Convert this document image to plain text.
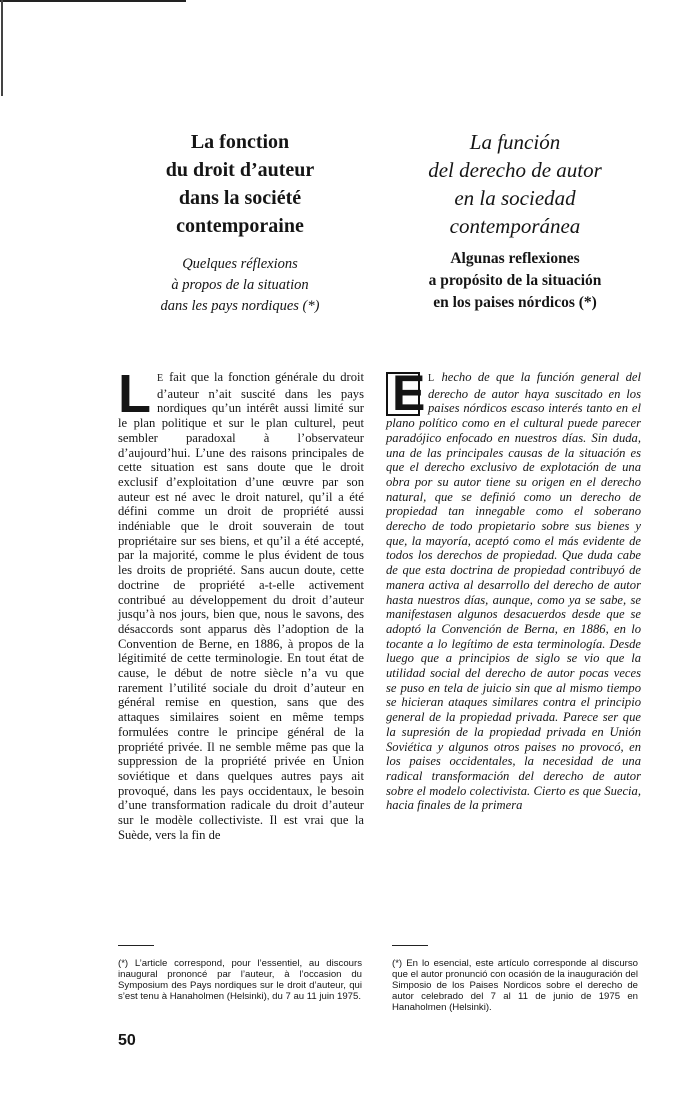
La fonction
du droit d’auteur
dans la société
contemporaine

Quelques réflexions
à propos de la situation
dans les pays nordiques (*)

La función
del derecho de autor
en la sociedad
contemporánea

Algunas reflexiones
a propósito de la situación
en los paises nórdicos (*)

L E fait que la fonction générale du droit d’auteur n’ait suscité dans les pays nordiques qu’un intérêt aussi limité sur le plan politique et sur le plan culturel, peut sembler paradoxal à l’observateur d’aujourd’hui. L’une des raisons principales de cette situation est sans doute que le droit exclusif d’exploitation d’une œuvre par son auteur est né avec le droit naturel, qu’il a été défini comme un droit de propriété aussi indéniable que le droit souverain de tout propriétaire sur ses biens, et qu’il a été accepté, par la majorité, comme le plus évident de tous les droits de propriété. Sans aucun doute, cette doctrine de propriété a-t-elle activement contribué au développement du droit d’auteur jusqu’à nos jours, bien que, nous le savons, des désaccords sont apparus dès l’adoption de la Convention de Berne, en 1886, à propos de la légitimité de cette terminologie. En tout état de cause, le début de notre siècle n’a vu que rarement l’utilité sociale du droit d’auteur en général remise en question, sans que des attaques similaires soient en même temps formulées contre le principe général de la propriété privée. Il ne semble même pas que la suppression de la propriété privée en Union soviétique et dans quelques autres pays ait provoqué, dans les pays occidentaux, le besoin d’une transformation radicale du droit d’auteur sur le modèle collectiviste. Il est vrai que la Suède, vers la fin de
E L hecho de que la función general del derecho de autor haya suscitado en los paises nórdicos escaso interés tanto en el plano político como en el cultural puede parecer paradójico enfocado en nuestros días. Sin duda, una de las principales causas de la situación es que el derecho exclusivo de explotación de una obra por su autor tiene su origen en el derecho natural, que se definió como un derecho de propiedad tan innegable como el soberano derecho de todo propietario sobre sus bienes y que, la mayoría, aceptó como el más evidente de todos los derechos de propiedad. Que duda cabe de que esta doctrina de propiedad contribuyó de manera activa al desarrollo del derecho de autor hasta nuestros días, aunque, como ya se sabe, se manifestasen algunos desacuerdos desde que se adoptó la Convención de Berna, en 1886, en lo tocante a lo legítimo de esta terminología. Desde luego que a principios de siglo se vio que la utilidad social del derecho de autor pocas veces se puso en tela de juicio sin que al mismo tiempo se hicieran ataques similares contra el principio general de la propiedad privada. Parece ser que la supresión de la propiedad privada en Unión Soviética y algunos otros paises no provocó, en los paises occidentales, la necesidad de una radical transformación del derecho de autor sobre el modelo colectivista. Cierto es que Suecia, hacia finales de la primera
(*) L’article correspond, pour l’essentiel, au discours inaugural prononcé par l’auteur, à l’occasion du Symposium des Pays nordiques sur le droit d’auteur, qui s’est tenu à Hanaholmen (Helsinki), du 7 au 11 juin 1975.
(*) En lo esencial, este artículo corresponde al discurso que el autor pronunció con ocasión de la inauguración del Simposio de los Paises Nordicos sobre el derecho de autor celebrado del 7 al 11 de junio de 1975 en Hanaholmen (Helsinki).
50
